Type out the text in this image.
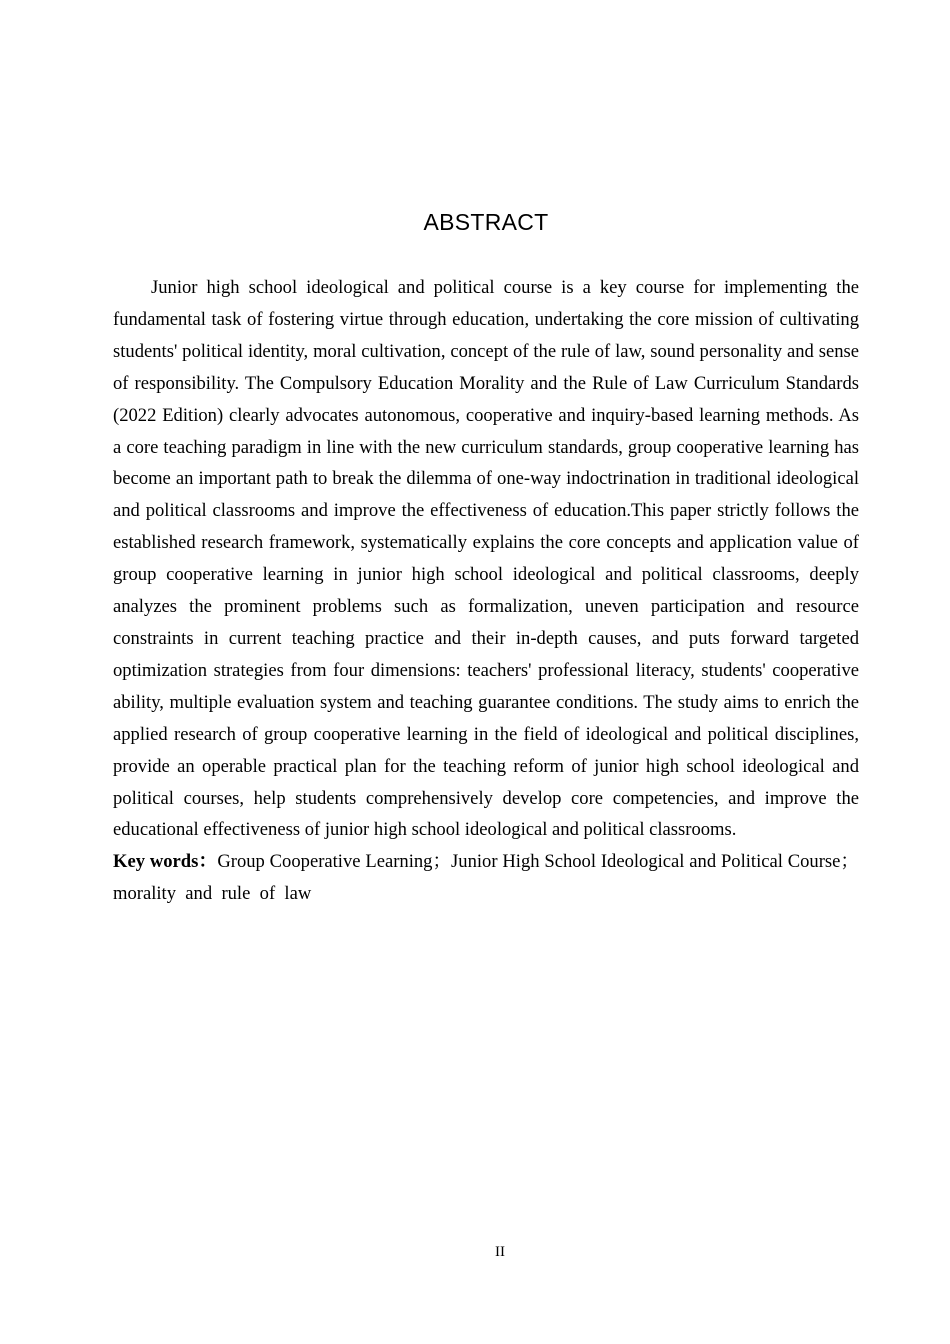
ABSTRACT

Junior high school ideological and political course is a key course for implementing the fundamental task of fostering virtue through education, undertaking the core mission of cultivating students' political identity, moral cultivation, concept of the rule of law, sound personality and sense of responsibility. The Compulsory Education Morality and the Rule of Law Curriculum Standards (2022 Edition) clearly advocates autonomous, cooperative and inquiry-based learning methods. As a core teaching paradigm in line with the new curriculum standards, group cooperative learning has become an important path to break the dilemma of one-way indoctrination in traditional ideological and political classrooms and improve the effectiveness of education.This paper strictly follows the established research framework, systematically explains the core concepts and application value of group cooperative learning in junior high school ideological and political classrooms, deeply analyzes the prominent problems such as formalization, uneven participation and resource constraints in current teaching practice and their in-depth causes, and puts forward targeted optimization strategies from four dimensions: teachers' professional literacy, students' cooperative ability, multiple evaluation system and teaching guarantee conditions. The study aims to enrich the applied research of group cooperative learning in the field of ideological and political disciplines, provide an operable practical plan for the teaching reform of junior high school ideological and political courses, help students comprehensively develop core competencies, and improve the educational effectiveness of junior high school ideological and political classrooms.

Key words：Group Cooperative Learning；Junior High School Ideological and Political Course；morality  and  rule  of  law

II
